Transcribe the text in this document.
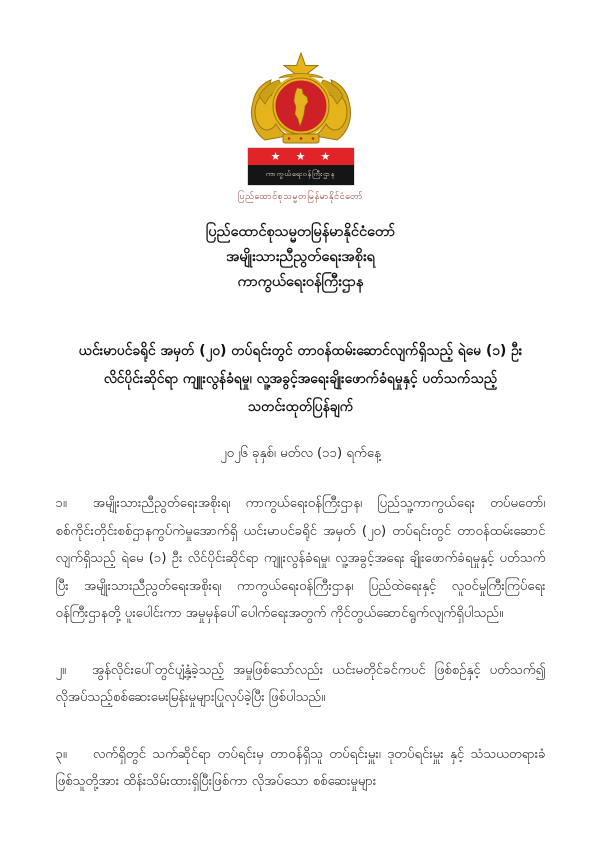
★ ★ ★
ကာကွယ်ရေးဝန်ကြီးဌာန
ပြည်ထောင်စုသမ္မတမြန်မာနိုင်ငံတော်
ပြည်ထောင်စုသမ္မတမြန်မာနိုင်ငံတော်
အမျိုးသားညီညွတ်ရေးအစိုးရ
ကာကွယ်ရေးဝန်ကြီးဌာန
ယင်းမာပင်ခရိုင် အမှတ် (၂၀) တပ်ရင်းတွင် တာဝန်ထမ်းဆောင်လျက်ရှိသည့် ရဲမေ (၁) ဦး
လိင်ပိုင်းဆိုင်ရာ ကျူးလွန်ခံရမှု၊ လူ့အခွင့်အရေးချိုးဖောက်ခံရမှုနှင့် ပတ်သက်သည့်
သတင်းထုတ်ပြန်ချက်
၂၀၂၆ ခုနှစ်၊ မတ်လ (၁၁) ရက်နေ့
၁။ အမျိုးသားညီညွတ်ရေးအစိုးရ၊ ကာကွယ်ရေးဝန်ကြီးဌာန၊ ပြည်သူ့ကာကွယ်ရေး တပ်မတော်၊ စစ်ကိုင်းတိုင်းစစ်ဌာနကွပ်ကဲမှုအောက်ရှိ ယင်းမာပင်ခရိုင် အမှတ် (၂၀) တပ်ရင်းတွင် တာဝန်ထမ်းဆောင်လျက်ရှိသည့် ရဲမေ (၁) ဦး လိင်ပိုင်းဆိုင်ရာ ကျူးလွန်ခံရမှု၊ လူ့အခွင့်အရေး ချိုးဖောက်ခံရမှုနှင့် ပတ်သက်ပြီး အမျိုးသားညီညွတ်ရေးအစိုးရ၊ ကာကွယ်ရေးဝန်ကြီးဌာန၊ ပြည်ထဲရေးနှင့် လူဝင်မှုကြီးကြပ်ရေးဝန်ကြီးဌာနတို့ ပူးပေါင်းကာ အမှုမှန်ပေါ်ပေါက်ရေးအတွက် ကိုင်တွယ်ဆောင်ရွက်လျက်ရှိပါသည်။
၂။ အွန်လိုင်းပေါ်တွင်ပျံ့နှံ့ခဲ့သည့် အမှုဖြစ်သော်လည်း ယင်းမတိုင်ခင်ကပင် ဖြစ်စဉ်နှင့် ပတ်သက်၍ လိုအပ်သည့်စစ်ဆေးမေးမြန်းမှုများပြုလုပ်ခဲ့ပြီး ဖြစ်ပါသည်။
၃။ လက်ရှိတွင် သက်ဆိုင်ရာ တပ်ရင်းမှ တာဝန်ရှိသူ တပ်ရင်းမှူး၊ ဒုတပ်ရင်းမှူး နှင့် သံသယတရားခံ ဖြစ်သူတို့အား ထိန်းသိမ်းထားရှိပြီးဖြစ်ကာ လိုအပ်သော စစ်ဆေးမှုများ
